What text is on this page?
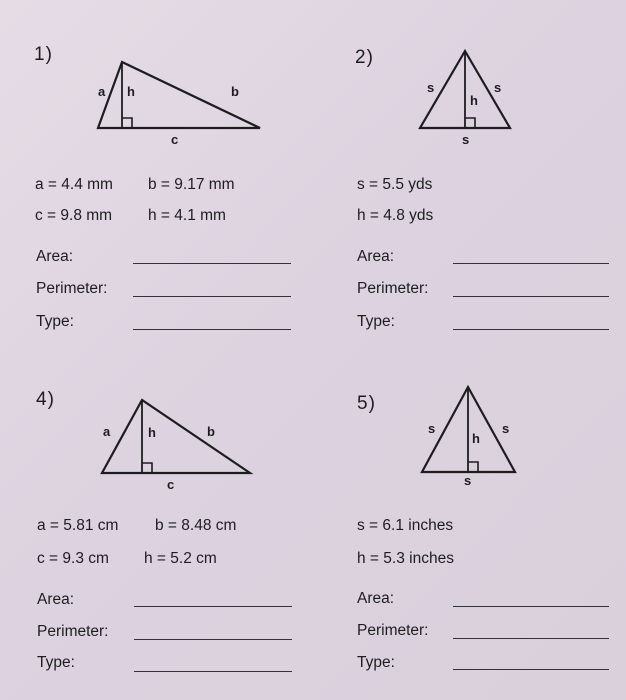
1)
a h	b
c
a = 4.4 mm b = 9.17 mm
c = 9.8 mm h = 4.1 mm
Area:
Perimeter:
Type:
2)
s
h
s
s
s = 5.5 yds
h = 4.8 yds
Area:
Perimeter:
Type:
4)
a	h	b
c
a = 5.81 cm b = 8.48 cm
c = 9.3 cm h = 5.2 cm
Area:
Perimeter:
Type:
5)
s
h
s
s
s = 6.1 inches
h = 5.3 inches
Area:
Perimeter:
Type:
